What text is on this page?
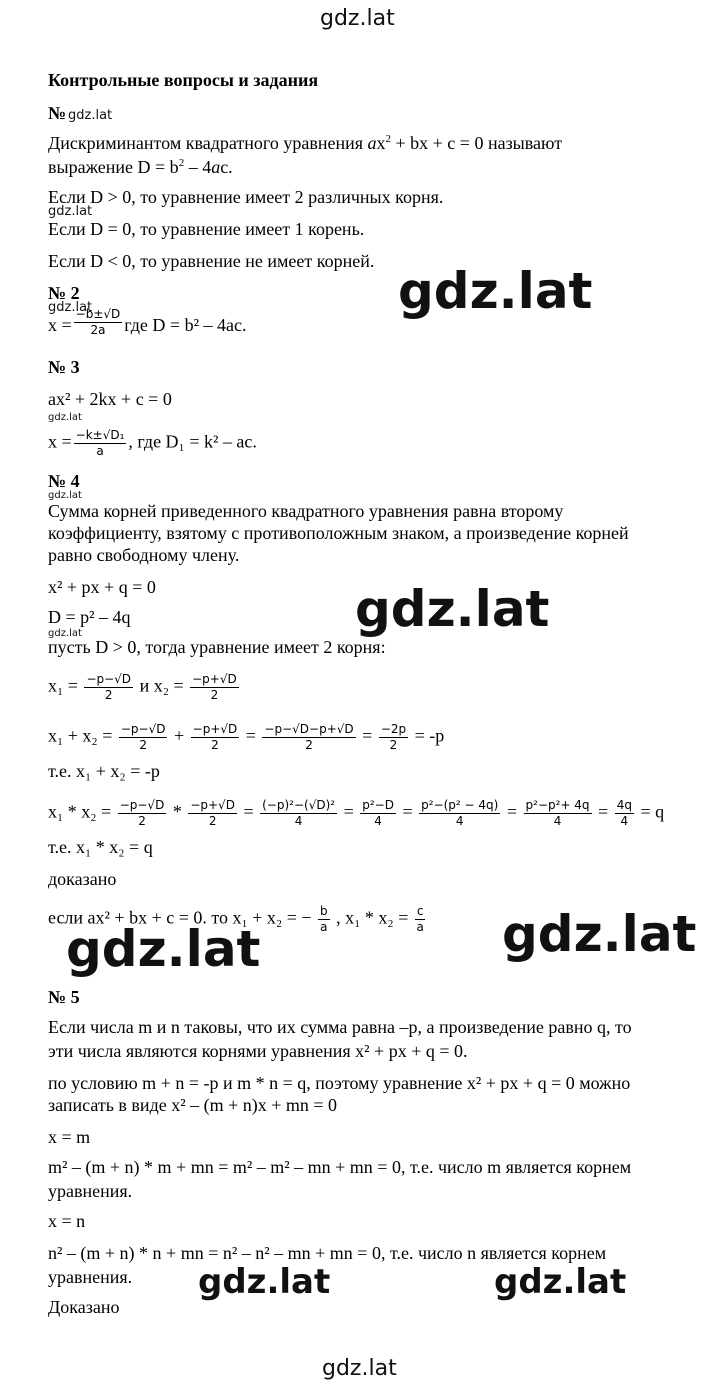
gdz.lat
gdz.lat
gdz.lat
gdz.lat
gdz.lat
gdz.lat
gdz.lat
gdz.lat
gdz.lat
gdz.lat
gdz.lat
gdz.lat
gdz.lat	gdz.lat
Контрольные вопросы и задания
№
Дискриминантом квадратного уравнения $ax^2$ + bx + c = 0 называют
выражение $D = b^2 - 4ac$.
Если D > 0, то уравнение имеет 2 различных корня.
Если D = 0, то уравнение имеет 1 корень.
Если D < 0, то уравнение не имеет корней.
№ 2
$x = \frac{-b\pm√D}{2a}$ где D = b² – 4ac.
№ 3
ax² + 2kx + c = 0
$x = \frac{\text{−k±√D₁}}{a}$ , где D₁ = k² – ac.
№ 4
Сумма корней приведенного квадратного уравнения равна второму
коэффициенту, взятому с противоположным знаком, а произведение корней
равно свободному члену.
x² + px + q = 0
D = p² – 4q
пусть D > 0, тогда уравнение имеет 2 корня:
$x_1 = \frac{-p-√D}{2}$ и $x_2 = \frac{-p+√D}{2}$
$x_1 + x_2 = \frac{-p-√D}{2} + \frac{-p+√D}{2} = \frac{-p-√D-p+√D}{2} = \frac{-2p}{2} = -p$
т.е. x₁ + x₂ = -p
$x_1 * x_2 = \frac{-p-√D}{2} * \frac{-p+√D}{2} = \frac{\text{(−p)²−(√D)²}}{4} = \frac{\text{p²−D}}{4} = \frac{\text{p²−(p² − 4q)}}{4} = \frac{\text{p²−p²+ 4q}}{4} = \frac{4q}{4} = q$
т.е. x₁ * x₂ = q
доказано
если ax² + bx + c = 0. то x₁ + x₂ = − $\frac{b}{a}$ , $x_1 * x_2 = \frac{c}{a}$
№ 5
Если числа m и n таковы, что их сумма равна –p, а произведение равно q, то
эти числа являются корнями уравнения x² + px + q = 0.
по условию m + n = -p и m * n = q, поэтому уравнение x² + px + q = 0 можно
записать в виде x² – (m + n)x + mn = 0
x = m
m² – (m + n) * m + mn = m² – m² – mn + mn = 0, т.е. число m является корнем
уравнения.
x = n
n² – (m + n) * n + mn = n² – n² – mn + mn = 0, т.е. число n является корнем
уравнения.
Доказано
